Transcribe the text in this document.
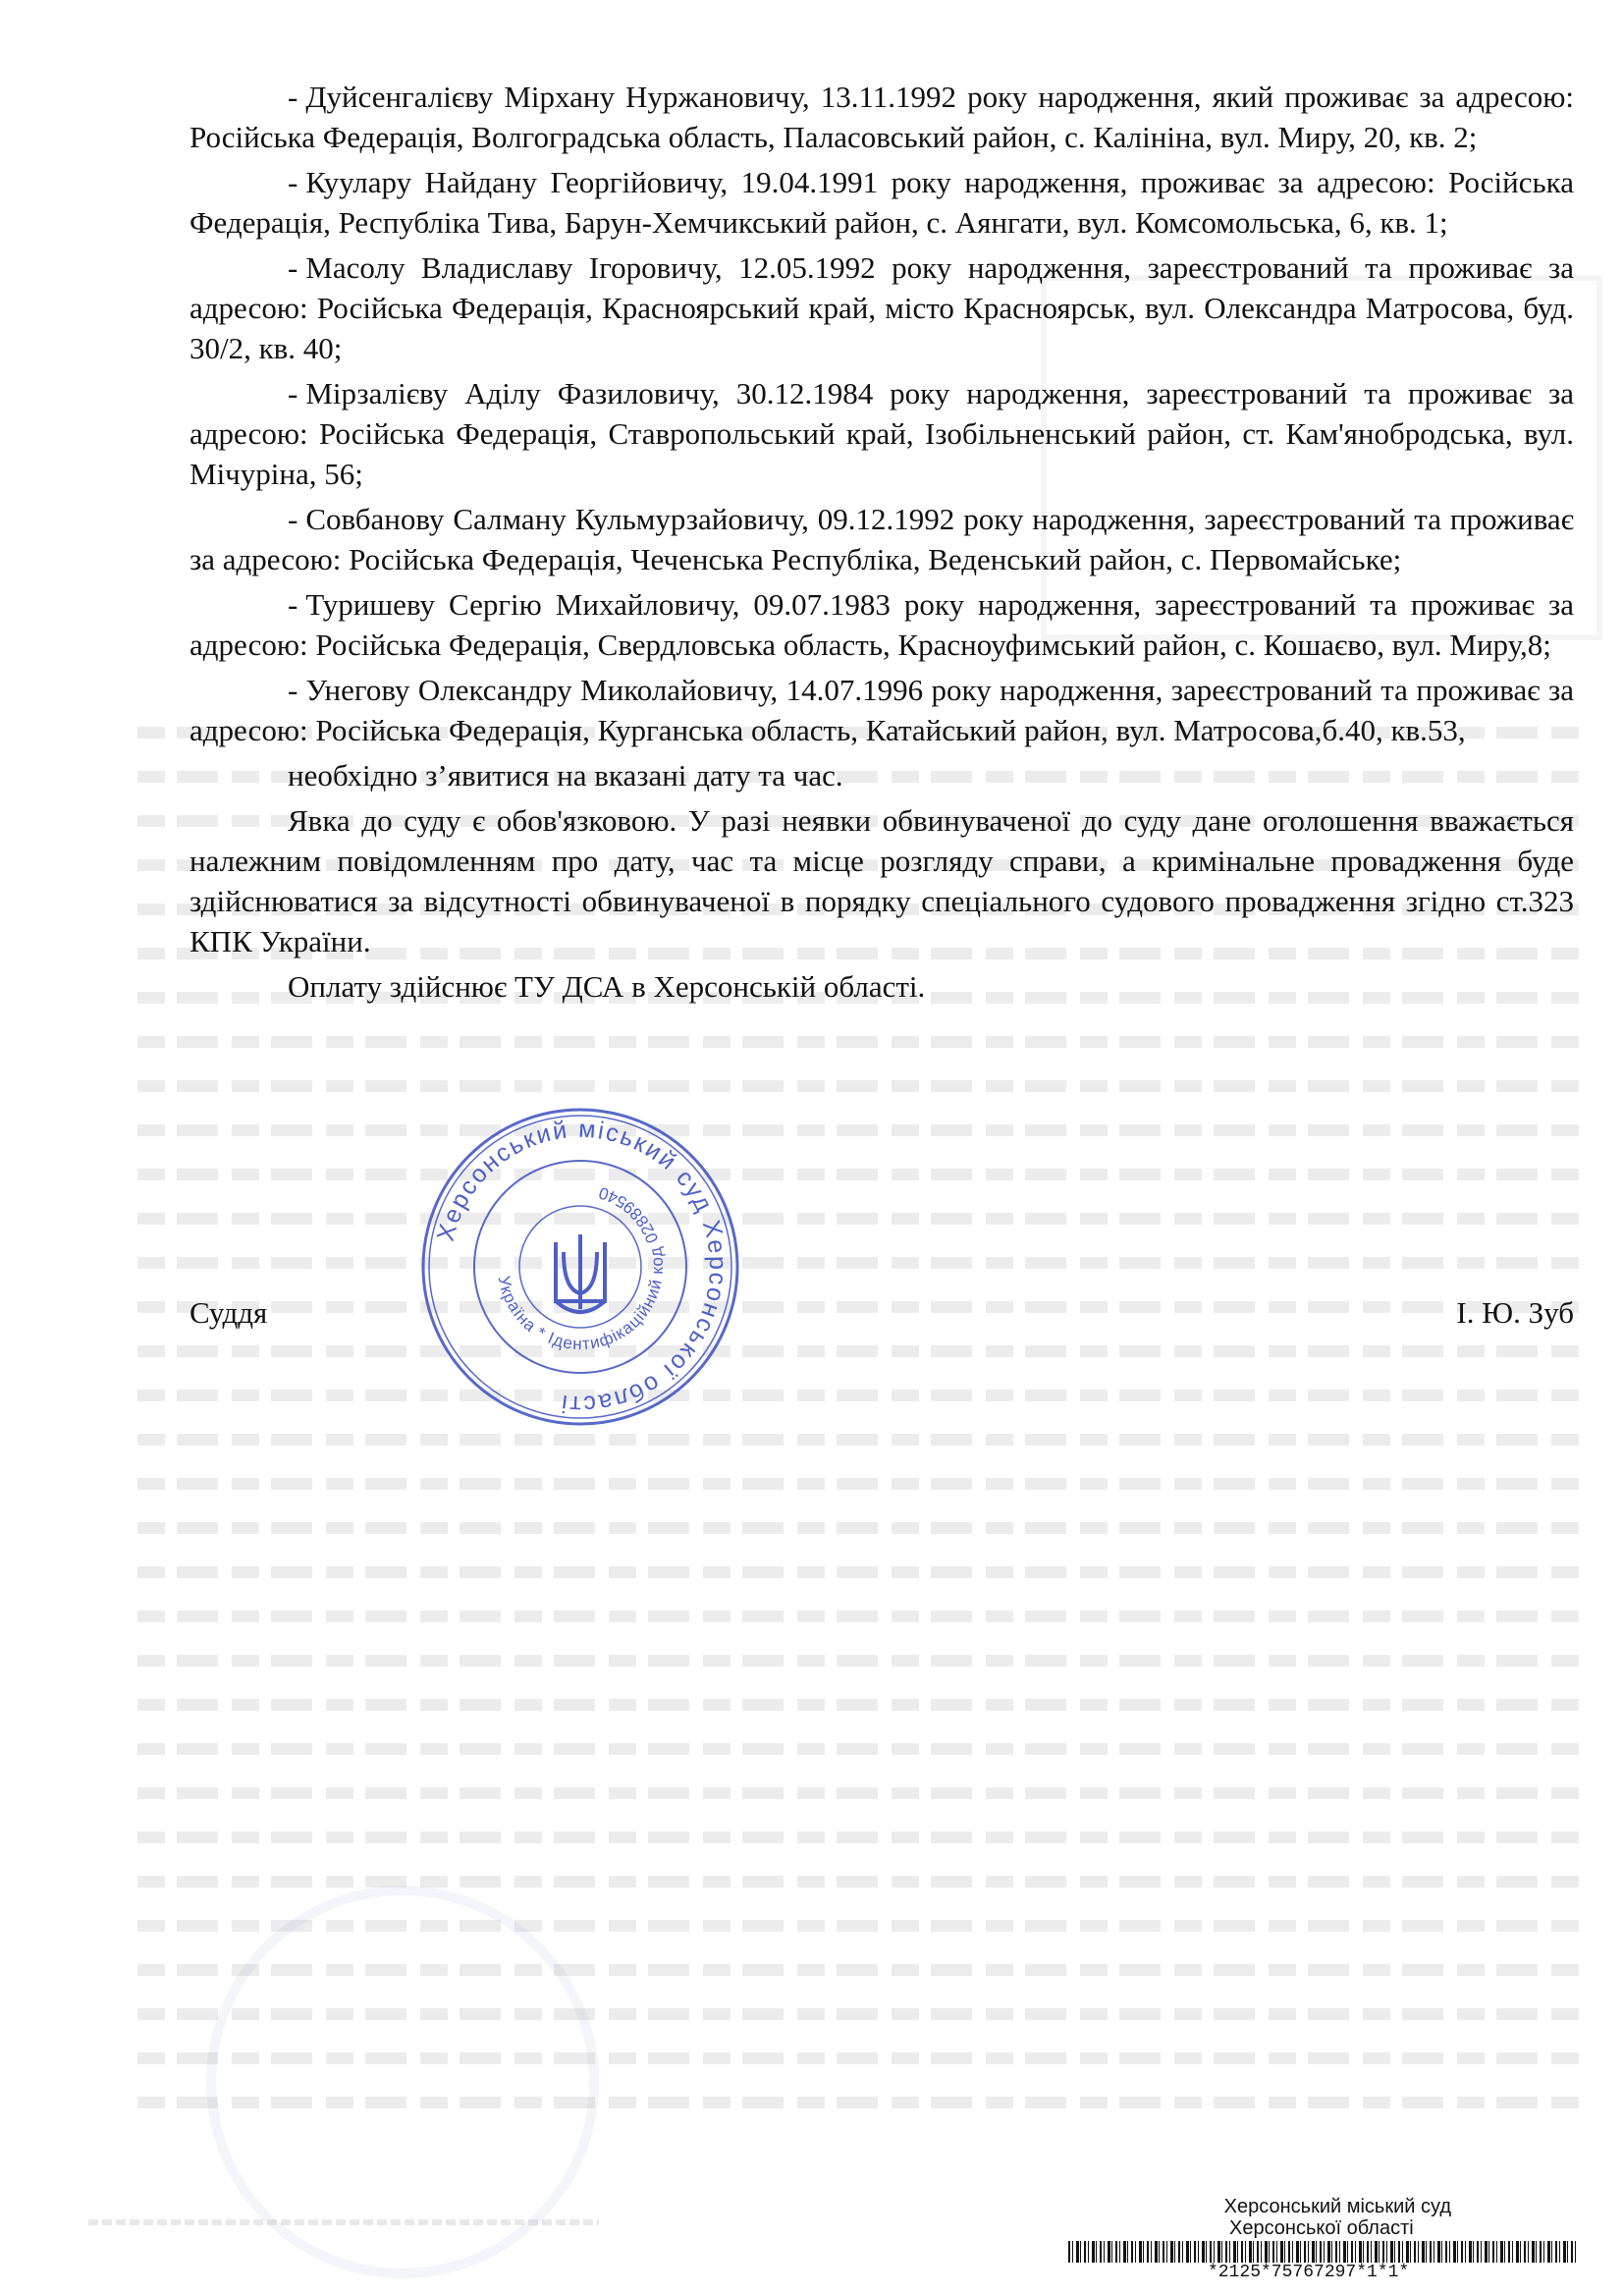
- Дуйсенгалієву Мірхану Нуржановичу, 13.11.1992 року народження, який проживає за адресою: Російська Федерація, Волгоградська область, Паласовський район, с. Калініна, вул. Миру, 20, кв. 2;

- Куулару Найдану Георгійовичу, 19.04.1991 року народження, проживає за адресою: Російська Федерація, Республіка Тива, Барун-Хемчикський район, с. Аянгати, вул. Комсомольська, 6, кв. 1;

- Масолу Владиславу Ігоровичу, 12.05.1992 року народження, зареєстрований та проживає за адресою: Російська Федерація, Красноярський край, місто Красноярськ, вул. Олександра Матросова, буд. 30/2, кв. 40;

- Мірзалієву Аділу Фазиловичу, 30.12.1984 року народження, зареєстрований та проживає за адресою: Російська Федерація, Ставропольський край, Ізобільненський район, ст. Кам'янобродська, вул. Мічуріна, 56;

- Совбанову Салману Кульмурзайовичу, 09.12.1992 року народження, зареєстрований та проживає за адресою: Російська Федерація, Чеченська Республіка, Веденський район, с. Первомайське;

- Туришеву Сергію Михайловичу, 09.07.1983 року народження, зареєстрований та проживає за адресою: Російська Федерація, Свердловська область, Красноуфимський район, с. Кошаєво, вул. Миру,8;

- Унегову Олександру Миколайовичу, 14.07.1996 року народження, зареєстрований та проживає за адресою: Російська Федерація, Курганська область, Катайський район, вул. Матросова,б.40, кв.53,

необхідно з’явитися на вказані дату та час.

Явка до суду є обов'язковою. У разі неявки обвинуваченої до суду дане оголошення вважається належним повідомленням про дату, час та місце розгляду справи, а кримінальне провадження буде здійснюватися за відсутності обвинуваченої в порядку спеціального судового провадження згідно ст.323 КПК України.

Оплату здійснює ТУ ДСА в Херсонській області.

Суддя	І. Ю. Зуб
Херсонський міський суд Херсонської області
Україна * Ідентифікаційний код 02889540
Херсонський міський суд
Херсонської області
*2125*75767297*1*1*
